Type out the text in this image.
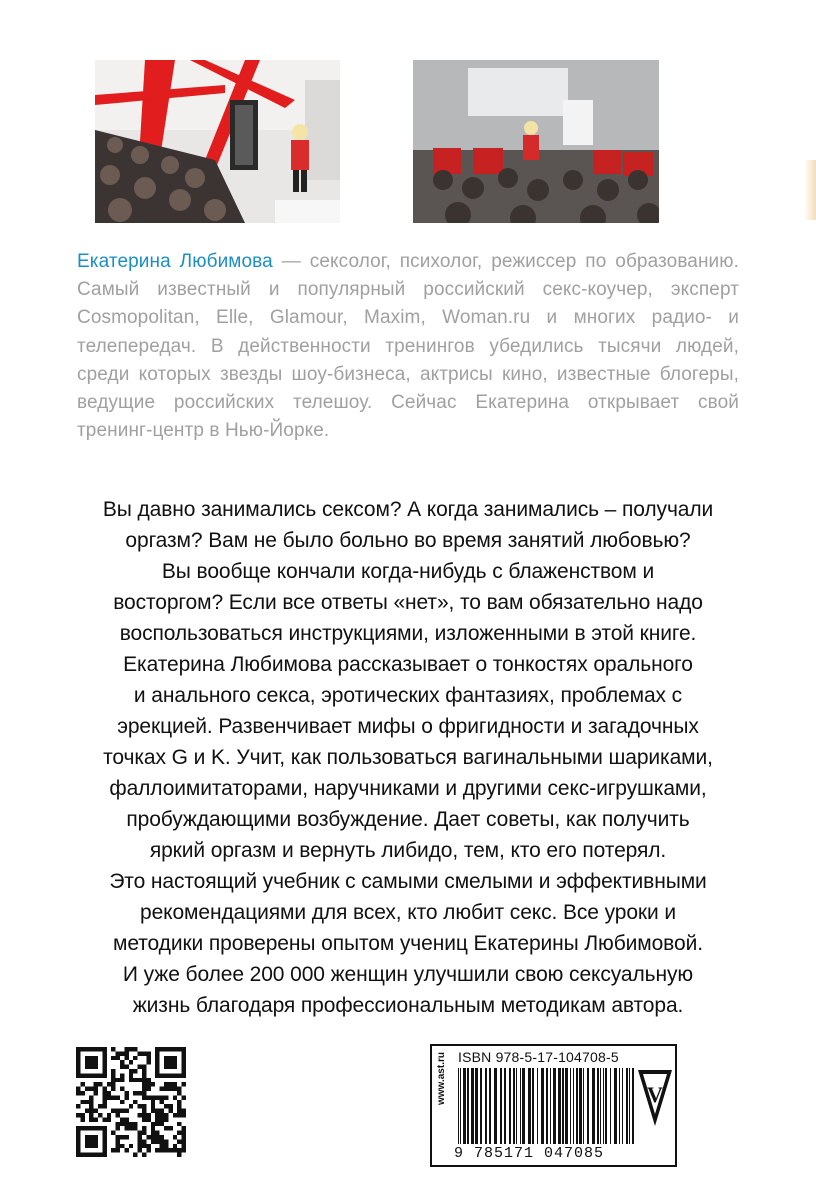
Екатерина Любимова — сексолог, психолог, режиссер по образованию. Самый известный и популярный российский секс-коучер, эксперт Cosmopolitan, Elle, Glamour, Maxim, Woman.ru и многих радио- и телепередач. В действенности тренингов убедились тысячи людей, среди которых звезды шоу-бизнеса, актрисы кино, известные блогеры, ведущие российских телешоу. Сейчас Екатерина открывает свой тренинг-центр в Нью-Йорке.
Вы давно занимались сексом? А когда занимались – получали
оргазм? Вам не было больно во время занятий любовью?
Вы вообще кончали когда-нибудь с блаженством и
восторгом? Если все ответы «нет», то вам обязательно надо
воспользоваться инструкциями, изложенными в этой книге.
Екатерина Любимова рассказывает о тонкостях орального
и анального секса, эротических фантазиях, проблемах с
эрекцией. Развенчивает мифы о фригидности и загадочных
точках G и K. Учит, как пользоваться вагинальными шариками,
фаллоимитаторами, наручниками и другими секс-игрушками,
пробуждающими возбуждение. Дает советы, как получить
яркий оргазм и вернуть либидо, тем, кто его потерял.
Это настоящий учебник с самыми смелыми и эффективными
рекомендациями для всех, кто любит секс. Все уроки и
методики проверены опытом учениц Екатерины Любимовой.
И уже более 200 000 женщин улучшили свою сексуальную
жизнь благодаря профессиональным методикам автора.
www.ast.ru ISBN 978-5-17-104708-5
9 785171 047085
V
